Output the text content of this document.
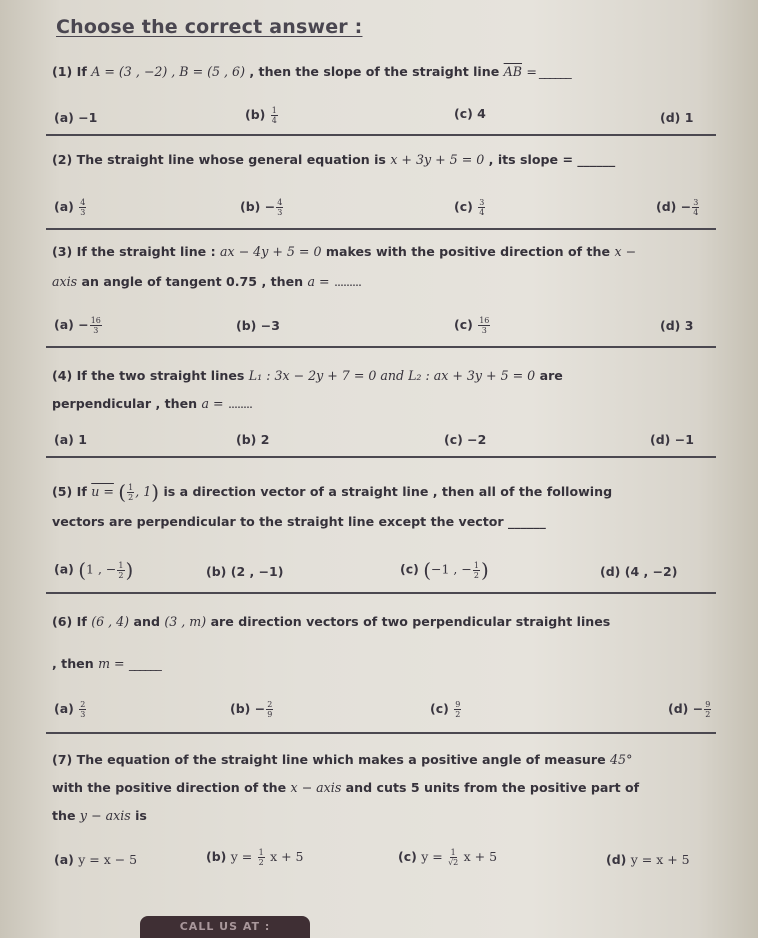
Choose the correct answer :
(1) If A = (3 , −2) , B = (5 , 6) , then the slope of the straight line $\overline{AB}$ = ______
(a) −1	$(b) \frac{1}{4}$	(c) 4	(d) 1
(2) The straight line whose general equation is x + 3y + 5 = 0 , its slope = ______
$(a) \frac{4}{3}$	$(b) - \frac{4}{3}$	$(c) \frac{3}{4}$	$(d) - \frac{3}{4}$
(3) If the straight line : ax − 4y + 5 = 0 makes with the positive direction of the x −
axis an angle of tangent 0.75 , then a = .........
$(a) - \frac{16}{3}$	(b) −3	$(c) \frac{16}{3}$	(d) 3
(4) If the two straight lines L₁ : 3x − 2y + 7 = 0 and L₂ : ax + 3y + 5 = 0 are
perpendicular , then a = ........
(a) 1	(b) 2	(c) −2	(d) −1
(5) If u = ( $\frac{1}{2}$ , 1) is a direction vector of a straight line , then all of the following
vectors are perpendicular to the straight line except the vector ______
(a) (1 , − $\frac{1}{2}$ )	(b) (2 , −1)	(c) (−1 , − $\frac{1}{2}$ )	(d) (4 , −2)
(6) If (6 , 4) and (3 , m) are direction vectors of two perpendicular straight lines
, then m = ______
$(a) \frac{2}{3}$	$(b) - \frac{2}{9}$	$(c) \frac{9}{2}$	$(d) - \frac{9}{2}$
(7) The equation of the straight line which makes a positive angle of measure 45°
with the positive direction of the x − axis and cuts 5 units from the positive part of
the y − axis is
(a) y = x − 5	(b) $y = \frac{1}{2}$ x + 5	(c) $y = \frac{1}{√2}$ x + 5	(d) y = x + 5
CALL US AT :
